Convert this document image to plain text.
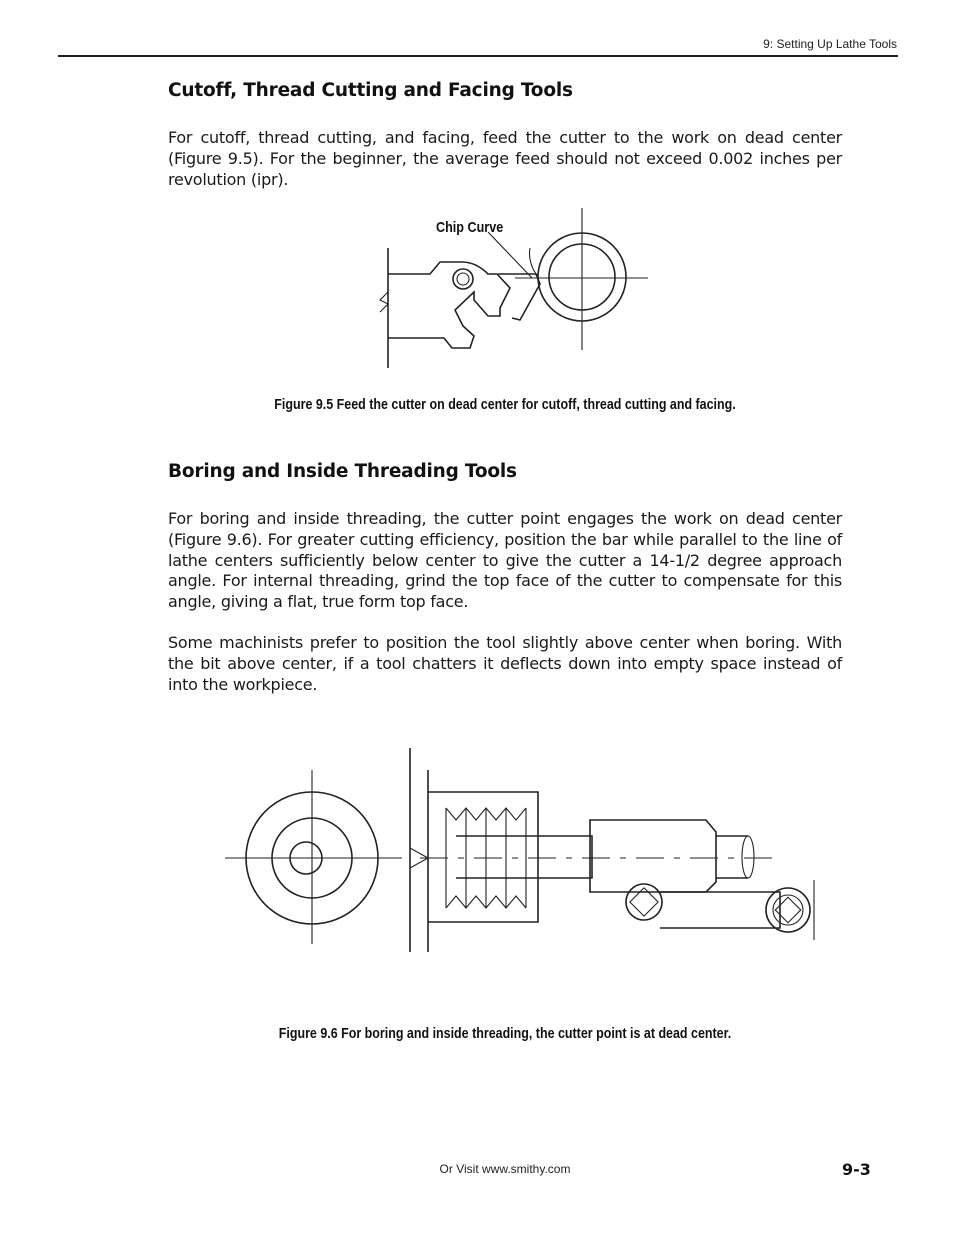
9: Setting Up Lathe Tools
Cutoff, Thread Cutting and Facing Tools

For cutoff, thread cutting, and facing, feed the cutter to the work on dead center (Figure 9.5). For the beginner, the average feed should not exceed 0.002 inches per revolution (ipr).

Chip Curve
Figure 9.5 Feed the cutter on dead center for cutoff, thread cutting and facing.
Boring and Inside Threading Tools

For boring and inside threading, the cutter point engages the work on dead center (Figure 9.6). For greater cutting efficiency, position the bar while parallel to the line of lathe centers sufficiently below center to give the cutter a 14-1/2 degree approach angle. For internal threading, grind the top face of the cutter to compensate for this angle, giving a flat, true form top face.

Some machinists prefer to position the tool slightly above center when boring. With the bit above center, if a tool chatters it deflects down into empty space instead of into the workpiece.

Figure 9.6 For boring and inside threading, the cutter point is at dead center.
Or Visit www.smithy.com	9-3
